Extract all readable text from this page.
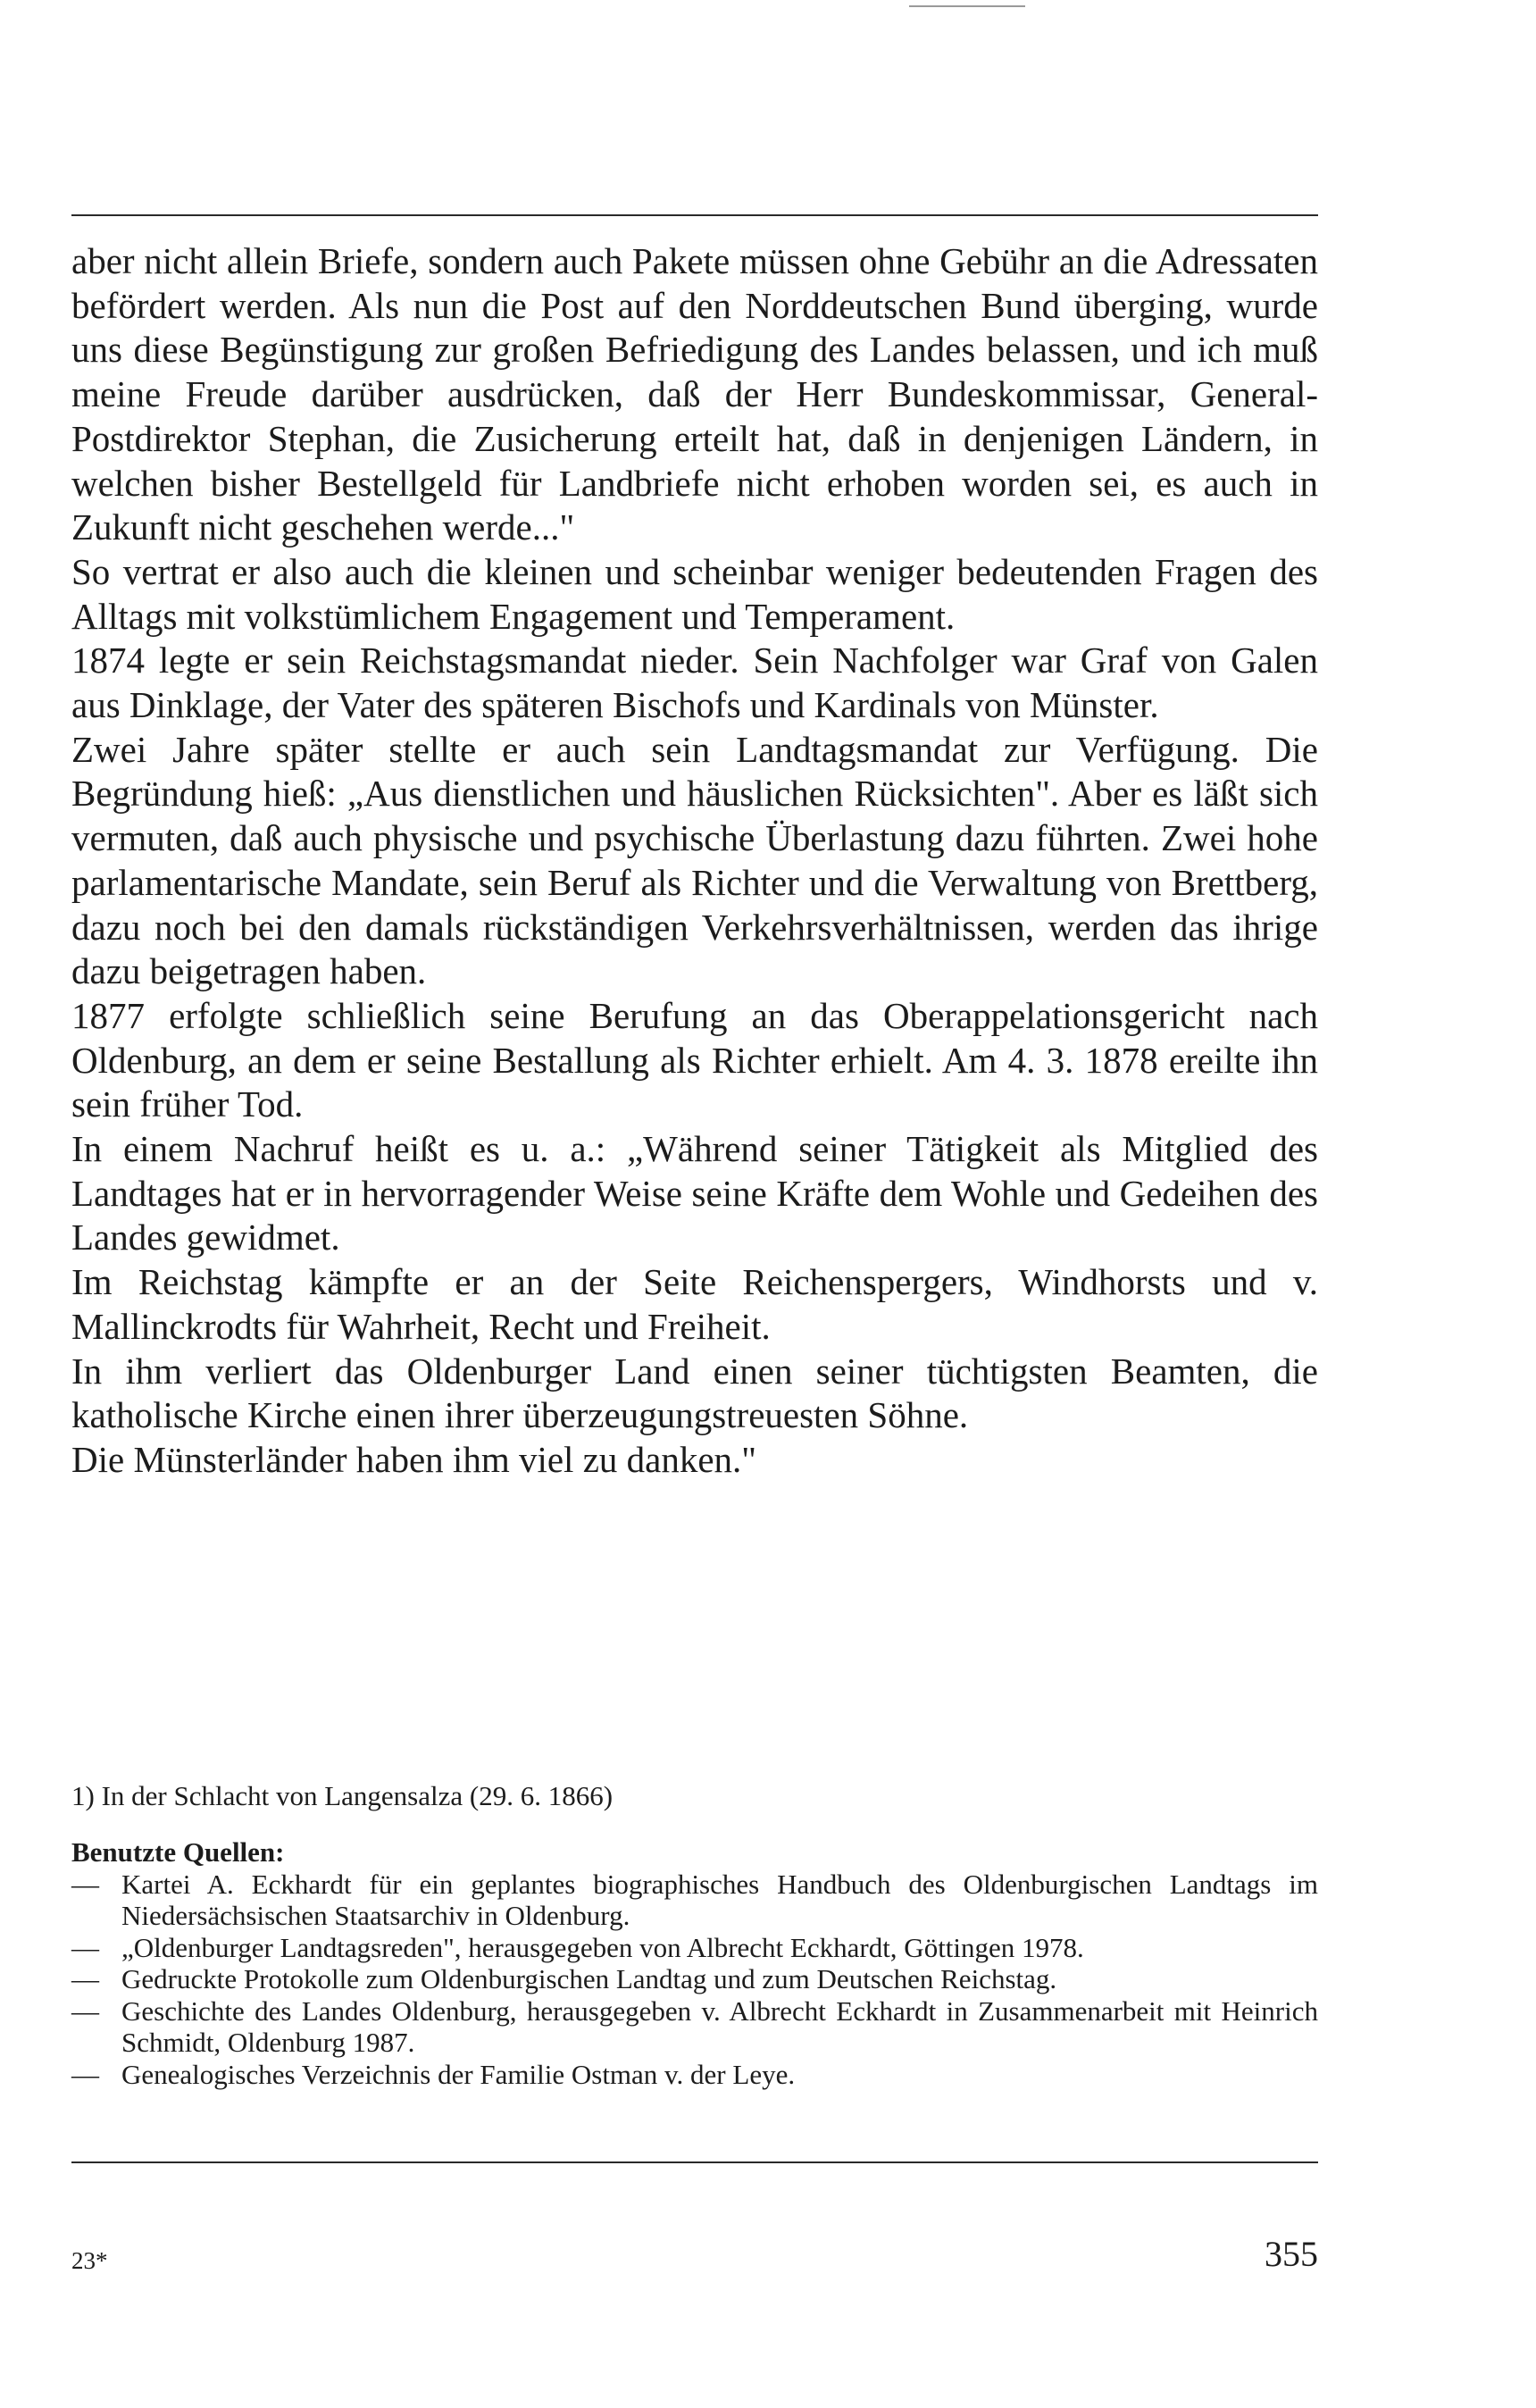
aber nicht allein Briefe, sondern auch Pakete müssen ohne Gebühr an die Adressaten befördert werden. Als nun die Post auf den Norddeutschen Bund überging, wurde uns diese Begünstigung zur großen Befriedigung des Landes belassen, und ich muß meine Freude darüber ausdrücken, daß der Herr Bundeskommissar, General-Postdirektor Stephan, die Zusicherung erteilt hat, daß in denjenigen Ländern, in welchen bisher Bestellgeld für Landbriefe nicht erhoben worden sei, es auch in Zukunft nicht geschehen werde..."

So vertrat er also auch die kleinen und scheinbar weniger bedeutenden Fragen des Alltags mit volkstümlichem Engagement und Temperament.

1874 legte er sein Reichstagsmandat nieder. Sein Nachfolger war Graf von Galen aus Dinklage, der Vater des späteren Bischofs und Kardinals von Münster.

Zwei Jahre später stellte er auch sein Landtagsmandat zur Verfügung. Die Begründung hieß: „Aus dienstlichen und häuslichen Rücksichten". Aber es läßt sich vermuten, daß auch physische und psychische Überlastung dazu führten. Zwei hohe parlamentarische Mandate, sein Beruf als Richter und die Verwaltung von Brettberg, dazu noch bei den damals rückständigen Verkehrsverhältnissen, werden das ihrige dazu beigetragen haben.

1877 erfolgte schließlich seine Berufung an das Oberappelationsgericht nach Oldenburg, an dem er seine Bestallung als Richter erhielt. Am 4. 3. 1878 ereilte ihn sein früher Tod.

In einem Nachruf heißt es u. a.: „Während seiner Tätigkeit als Mitglied des Landtages hat er in hervorragender Weise seine Kräfte dem Wohle und Gedeihen des Landes gewidmet.

Im Reichstag kämpfte er an der Seite Reichenspergers, Windhorsts und v. Mallinckrodts für Wahrheit, Recht und Freiheit.

In ihm verliert das Oldenburger Land einen seiner tüchtigsten Beamten, die katholische Kirche einen ihrer überzeugungstreuesten Söhne.

Die Münsterländer haben ihm viel zu danken."

1) In der Schlacht von Langensalza (29. 6. 1866)

Benutzte Quellen:

— Kartei A. Eckhardt für ein geplantes biographisches Handbuch des Oldenburgischen Landtags im Niedersächsischen Staatsarchiv in Oldenburg.
— „Oldenburger Landtagsreden", herausgegeben von Albrecht Eckhardt, Göttingen 1978.
— Gedruckte Protokolle zum Oldenburgischen Landtag und zum Deutschen Reichstag.
— Geschichte des Landes Oldenburg, herausgegeben v. Albrecht Eckhardt in Zusammenarbeit mit Heinrich Schmidt, Oldenburg 1987.
— Genealogisches Verzeichnis der Familie Ostman v. der Leye.

23*	355
